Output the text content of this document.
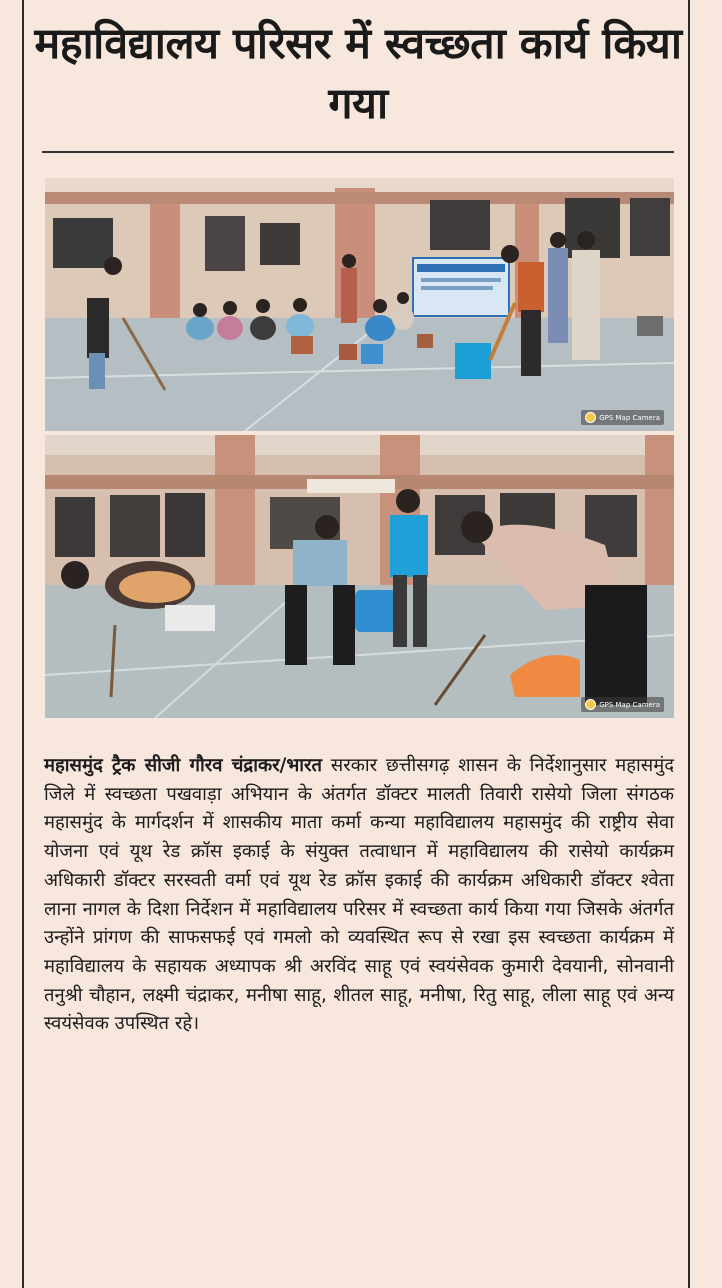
महाविद्यालय परिसर में स्वच्छता कार्य किया गया
GPS Map Camera
GPS Map Camera

महासमुंद ट्रैक सीजी गौरव चंद्राकर/भारत सरकार छत्तीसगढ़ शासन के निर्देशानुसार महासमुंद जिले में स्वच्छता पखवाड़ा अभियान के अंतर्गत डॉक्टर मालती तिवारी रासेयो जिला संगठक महासमुंद के मार्गदर्शन में शासकीय माता कर्मा कन्या महाविद्यालय महासमुंद की राष्ट्रीय सेवा योजना एवं यूथ रेड क्रॉस इकाई के संयुक्त तत्वाधान में महाविद्यालय की रासेयो कार्यक्रम अधिकारी डॉक्टर सरस्वती वर्मा एवं यूथ रेड क्रॉस इकाई की कार्यक्रम अधिकारी डॉक्टर श्वेता लाना नागल के दिशा निर्देशन में महाविद्यालय परिसर में स्वच्छता कार्य किया गया जिसके अंतर्गत उन्होंने प्रांगण की साफसफई एवं गमलो को व्यवस्थित रूप से रखा इस स्वच्छता कार्यक्रम में महाविद्यालय के सहायक अध्यापक श्री अरविंद साहू एवं स्वयंसेवक कुमारी देवयानी, सोनवानी तनुश्री चौहान, लक्ष्मी चंद्राकर, मनीषा साहू, शीतल साहू, मनीषा, रितु साहू, लीला साहू एवं अन्य स्वयंसेवक उपस्थित रहे।
